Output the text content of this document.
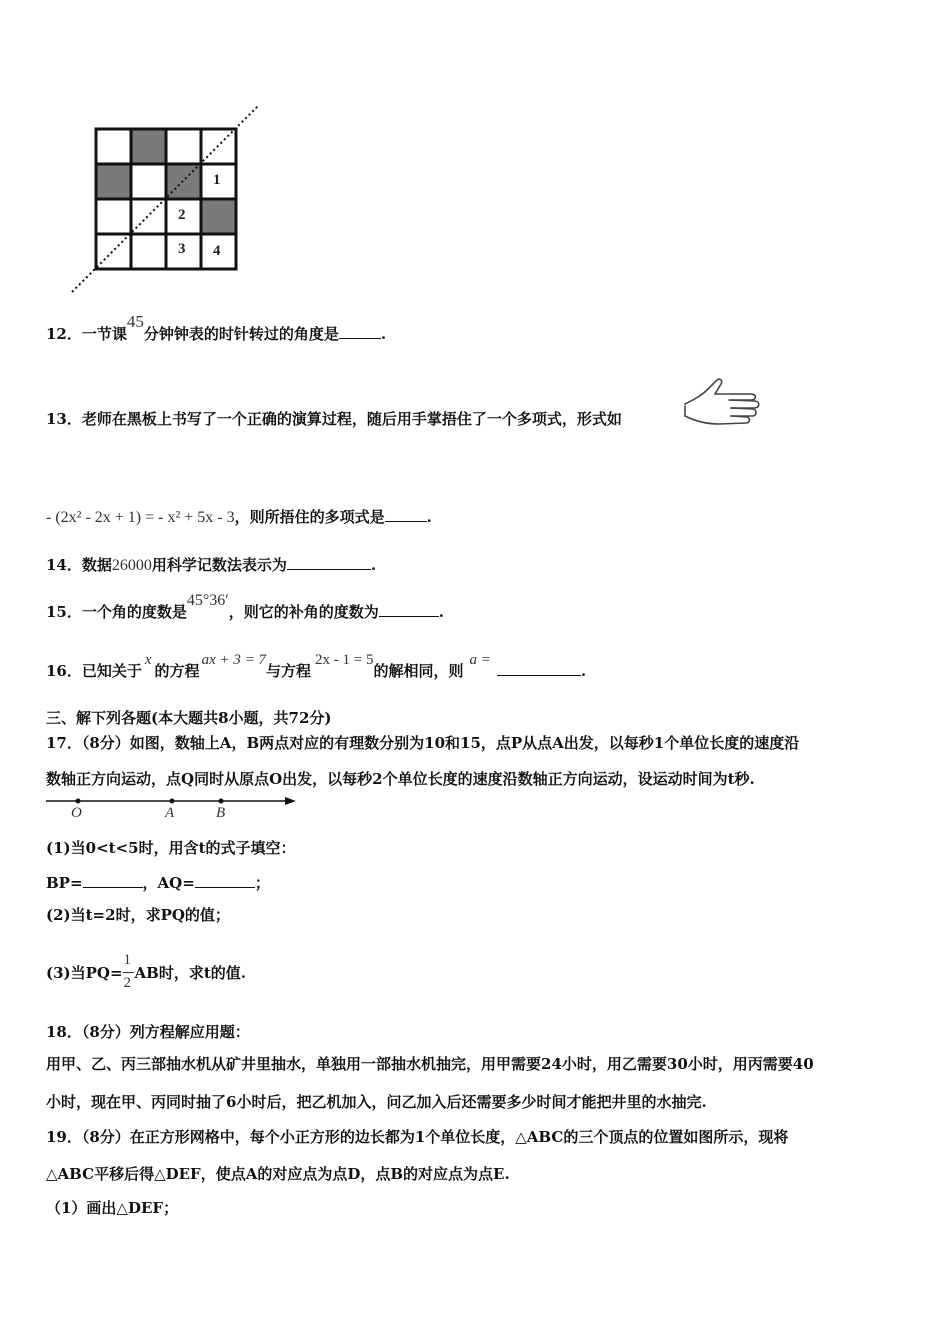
1
2
3 4
12．一节课45分钟钟表的时针转过的角度是	.
13．老师在黑板上书写了一个正确的演算过程，随后用手掌捂住了一个多项式，形式如
- (2x² - 2x + 1) = - x² + 5x - 3，则所捂住的多项式是	.
14．数据26000用科学记数法表示为	.
15．一个角的度数是45°36′，则它的补角的度数为	.
16．已知关于x的方程ax + 3 = 7与方程2x - 1 = 5的解相同，则a =.
三、解下列各题(本大题共8小题，共72分)
17．（8分）如图，数轴上A，B两点对应的有理数分别为10和15，点P从点A出发，以每秒1个单位长度的速度沿
数轴正方向运动，点Q同时从原点O出发，以每秒2个单位长度的速度沿数轴正方向运动，设运动时间为t秒.
O	A	B
(1)当0<t<5时，用含t的式子填空：
BP=	，AQ=	；
(2)当t=2时，求PQ的值；
(3)当PQ=
$\frac{1}{2}$
AB时，求t的值.
18．（8分）列方程解应用题：
用甲、乙、丙三部抽水机从矿井里抽水，单独用一部抽水机抽完，用甲需要24小时，用乙需要30小时，用丙需要40
小时，现在甲、丙同时抽了6小时后，把乙机加入，问乙加入后还需要多少时间才能把井里的水抽完.
19．（8分）在正方形网格中，每个小正方形的边长都为1个单位长度，△ABC的三个顶点的位置如图所示，现将
△ABC平移后得△DEF，使点A的对应点为点D，点B的对应点为点E.
（1）画出△DEF；
